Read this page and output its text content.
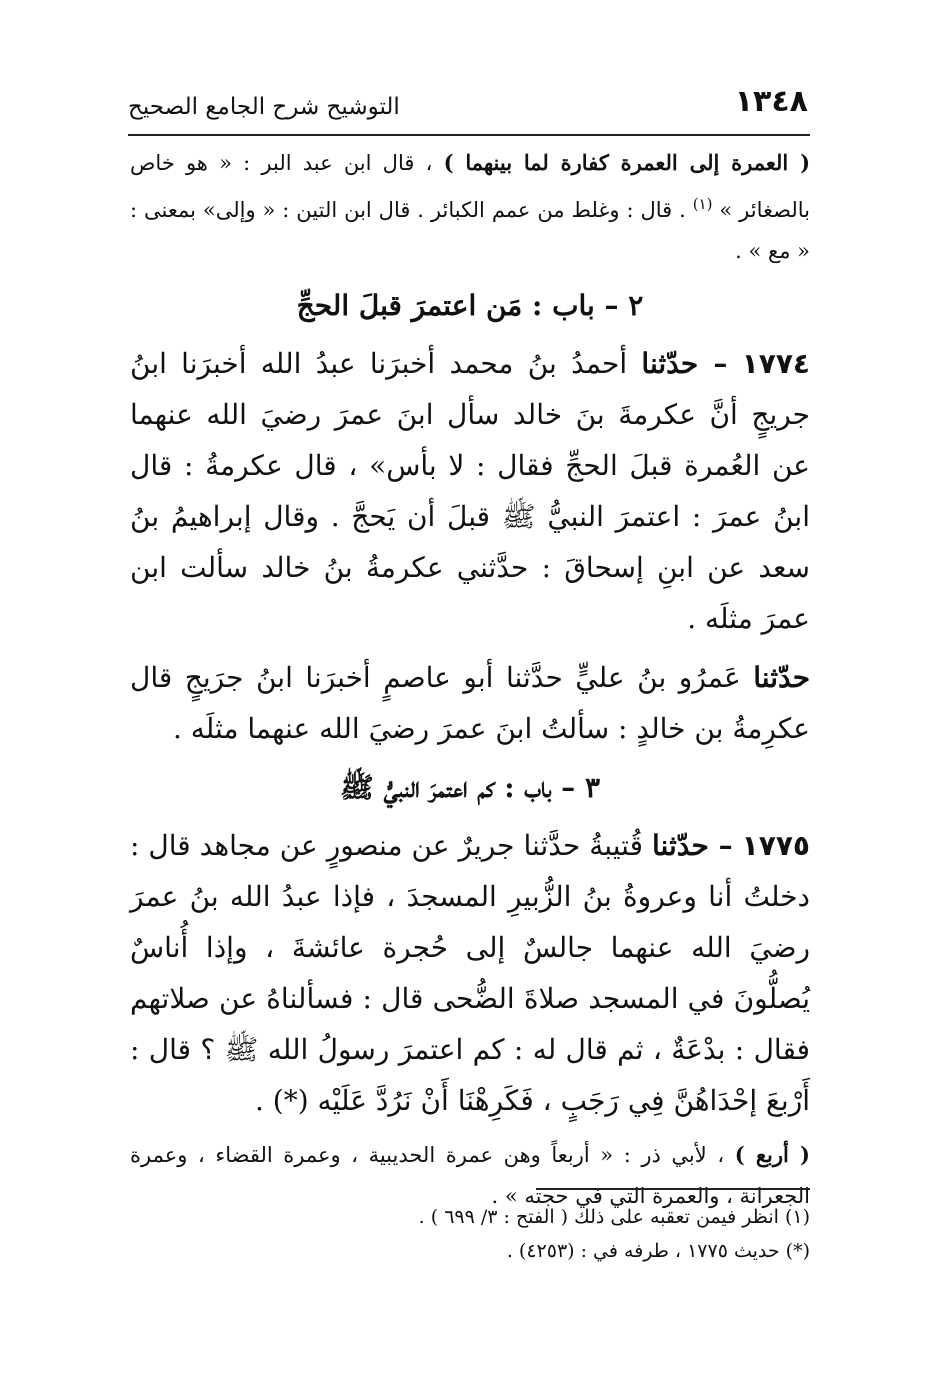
١٣٤٨
التوشيح شرح الجامع الصحيح

( العمرة إلى العمرة كفارة لما بينهما ) ، قال ابن عبد البر : « هو خاص بالصغائر » $^{(١)}$ . قال : وغلط من عمم الكبائر . قال ابن التين : « وإلى» بمعنى : « مع » .

٢ – باب : مَن اعتمرَ قبلَ الحجِّ

١٧٧٤ – حدّثنا أحمدُ بنُ محمد أخبرَنا عبدُ الله أخبرَنا ابنُ جريجٍ أنَّ عكرمةَ بنَ خالد سأل ابنَ عمرَ رضيَ الله عنهما عن العُمرة قبلَ الحجِّ فقال : لا بأس» ، قال عكرمةُ : قال ابنُ عمرَ : اعتمرَ النبيُّ ﷺ قبلَ أن يَحجَّ . وقال إبراهيمُ بنُ سعد عن ابنِ إسحاقَ : حدَّثني عكرمةُ بنُ خالد سألت ابن عمرَ مثلَه .

حدّثنا عَمرُو بنُ عليٍّ حدَّثنا أبو عاصمٍ أخبرَنا ابنُ جرَيجٍ قال عكرِمةُ بن خالدٍ : سألتُ ابنَ عمرَ رضيَ الله عنهما مثلَه .

٣ – باب : كم اعتمرَ النبيُّ ﷺ

١٧٧٥ – حدّثنا قُتيبةُ حدَّثنا جريرٌ عن منصورٍ عن مجاهد قال : دخلتُ أنا وعروةُ بنُ الزُّبيرِ المسجدَ ، فإذا عبدُ الله بنُ عمرَ رضيَ الله عنهما جالسٌ إلى حُجرة عائشةَ ، وإذا أُناسٌ يُصلُّونَ في المسجد صلاةَ الضُّحى قال : فسألناهُ عن صلاتهم فقال : بدْعَةٌ ، ثم قال له : كم اعتمرَ رسولُ الله ﷺ ؟ قال : أَرْبعَ إحْدَاهُنَّ فِي رَجَبٍ ، فَكَرِهْنَا أَنْ نَرُدَّ عَلَيْه (*) .

( أربع ) ، لأبي ذر : « أربعاً وهن عمرة الحديبية ، وعمرة القضاء ، وعمرة الجعرانة ، والعمرة التي في حجته » .

(١) انظر فيمن تعقبه على ذلك ( الفتح : ٣/ ٦٩٩ ) .

(*) حديث ١٧٧٥ ، طرفه في : (٤٢٥٣) .
